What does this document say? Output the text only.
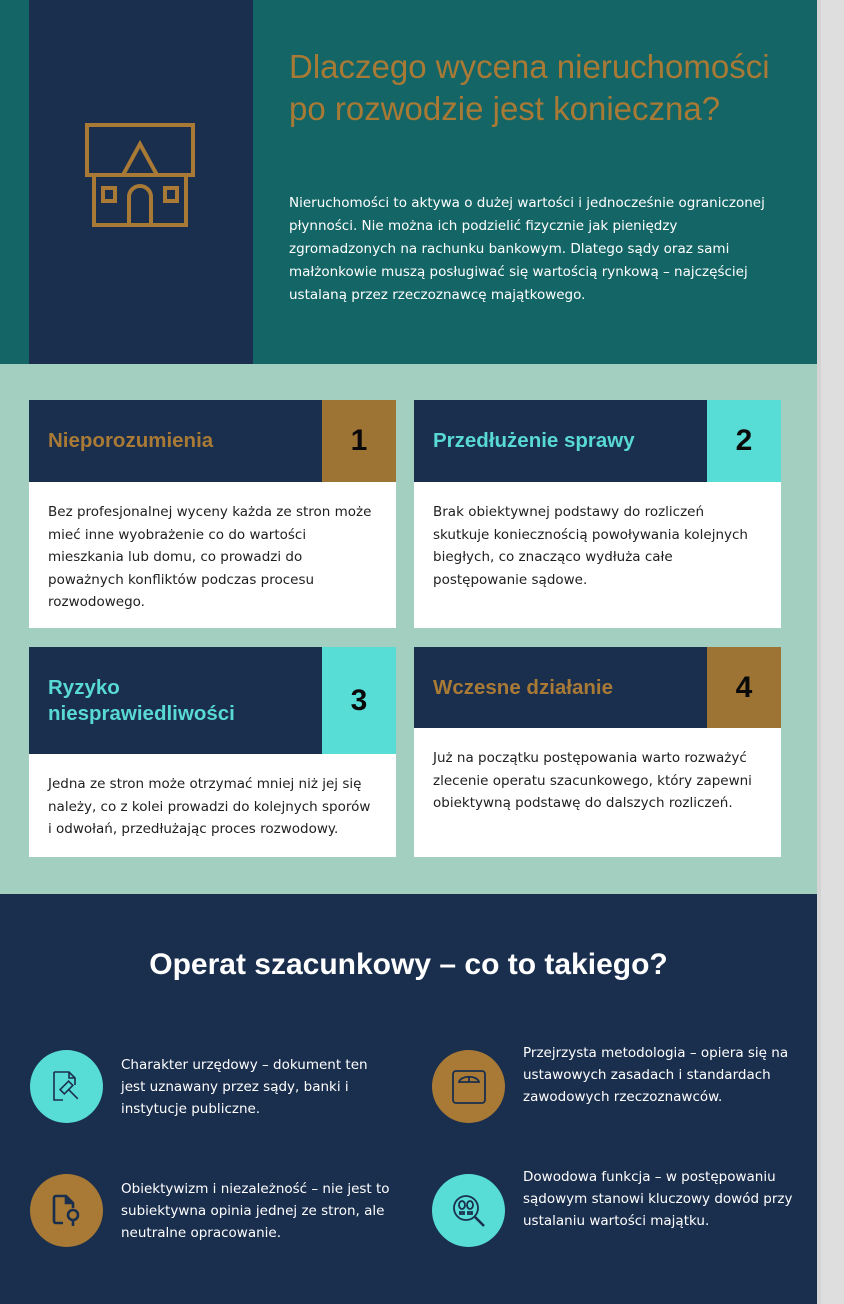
Dlaczego wycena nieruchomości po rozwodzie jest konieczna?

Nieruchomości to aktywa o dużej wartości i jednocześnie ograniczonej płynności. Nie można ich podzielić fizycznie jak pieniędzy zgromadzonych na rachunku bankowym. Dlatego sądy oraz sami małżonkowie muszą posługiwać się wartością rynkową – najczęściej ustalaną przez rzeczoznawcę majątkowego.

Nieporozumienia	1

Bez profesjonalnej wyceny każda ze stron może mieć inne wyobrażenie co do wartości mieszkania lub domu, co prowadzi do poważnych konfliktów podczas procesu rozwodowego.

Przedłużenie sprawy	2

Brak obiektywnej podstawy do rozliczeń skutkuje koniecznością powoływania kolejnych biegłych, co znacząco wydłuża całe postępowanie sądowe.

Ryzyko niesprawiedliwości	3

Jedna ze stron może otrzymać mniej niż jej się należy, co z kolei prowadzi do kolejnych sporów i odwołań, przedłużając proces rozwodowy.

Wczesne działanie	4

Już na początku postępowania warto rozważyć zlecenie operatu szacunkowego, który zapewni obiektywną podstawę do dalszych rozliczeń.

Operat szacunkowy – co to takiego?

Charakter urzędowy – dokument ten jest uznawany przez sądy, banki i instytucje publiczne.

Przejrzysta metodologia – opiera się na ustawowych zasadach i standardach zawodowych rzeczoznawców.

Obiektywizm i niezależność – nie jest to subiektywna opinia jednej ze stron, ale neutralne opracowanie.

Dowodowa funkcja – w postępowaniu sądowym stanowi kluczowy dowód przy ustalaniu wartości majątku.
